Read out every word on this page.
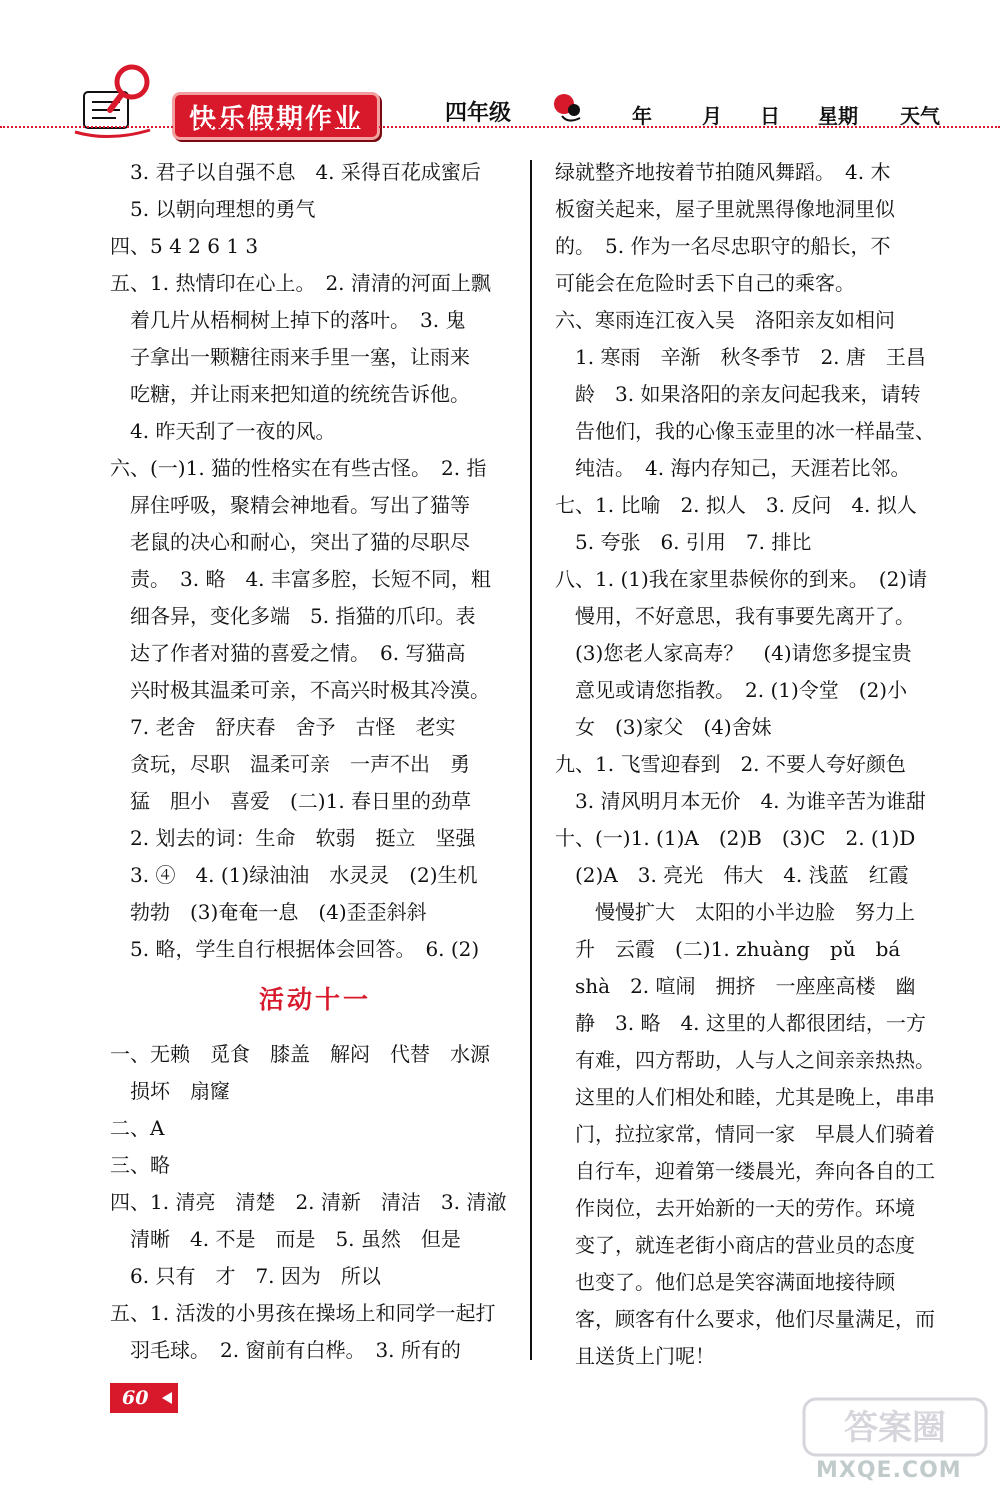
快乐假期作业	四年级	年	月 日 星期 天气
　3. 君子以自强不息　4. 采得百花成蜜后
　5. 以朝向理想的勇气
四、5 4 2 6 1 3
五、1. 热情印在心上。　2. 清清的河面上飘
　着几片从梧桐树上掉下的落叶。　3. 鬼
　子拿出一颗糖往雨来手里一塞，让雨来
　吃糖，并让雨来把知道的统统告诉他。
　4. 昨天刮了一夜的风。
六、(一)1. 猫的性格实在有些古怪。　2. 指
　屏住呼吸，聚精会神地看。写出了猫等
　老鼠的决心和耐心，突出了猫的尽职尽
　责。　3. 略　4. 丰富多腔，长短不同，粗
　细各异，变化多端　5. 指猫的爪印。表
　达了作者对猫的喜爱之情。　6. 写猫高
　兴时极其温柔可亲，不高兴时极其冷漠。
　7. 老舍　舒庆春　舍予　古怪　老实
　贪玩，尽职　温柔可亲　一声不出　勇
　猛　胆小　喜爱　(二)1. 春日里的劲草
　2. 划去的词：生命　软弱　挺立　坚强
　3. ④　4. (1)绿油油　水灵灵　(2)生机
　勃勃　(3)奄奄一息　(4)歪歪斜斜
　5. 略，学生自行根据体会回答。　6. (2)
活动十一
一、无赖　觅食　膝盖　解闷　代替　水源
　损坏　扇窿
二、A
三、略
四、1. 清亮　清楚　2. 清新　清洁　3. 清澈
　清晰　4. 不是　而是　5. 虽然　但是
　6. 只有　才　7. 因为　所以
五、1. 活泼的小男孩在操场上和同学一起打
　羽毛球。　2. 窗前有白桦。　3. 所有的
绿就整齐地按着节拍随风舞蹈。　4. 木
板窗关起来，屋子里就黑得像地洞里似
的。　5. 作为一名尽忠职守的船长，不
可能会在危险时丢下自己的乘客。
六、寒雨连江夜入吴　洛阳亲友如相问
　1. 寒雨　辛渐　秋冬季节　2. 唐　王昌
　龄　3. 如果洛阳的亲友问起我来，请转
　告他们，我的心像玉壶里的冰一样晶莹、
　纯洁。　4. 海内存知己，天涯若比邻。
七、1. 比喻　2. 拟人　3. 反问　4. 拟人
　5. 夸张　6. 引用　7. 排比
八、1. (1)我在家里恭候你的到来。　(2)请
　慢用，不好意思，我有事要先离开了。
　(3)您老人家高寿？　(4)请您多提宝贵
　意见或请您指教。　2. (1)令堂　(2)小
　女　(3)家父　(4)舍妹
九、1. 飞雪迎春到　2. 不要人夸好颜色
　3. 清风明月本无价　4. 为谁辛苦为谁甜
十、(一)1. (1)A　(2)B　(3)C　2. (1)D
　(2)A　3. 亮光　伟大　4. 浅蓝　红霞
　　慢慢扩大　太阳的小半边脸　努力上
　升　云霞　(二)1. zhuàng　pǔ　bá
　shà　2. 喧闹　拥挤　一座座高楼　幽
　静　3. 略　4. 这里的人都很团结，一方
　有难，四方帮助，人与人之间亲亲热热。
　这里的人们相处和睦，尤其是晚上，串串
　门，拉拉家常，情同一家　早晨人们骑着
　自行车，迎着第一缕晨光，奔向各自的工
　作岗位，去开始新的一天的劳作。环境
　变了，就连老街小商店的营业员的态度
　也变了。他们总是笑容满面地接待顾
　客，顾客有什么要求，他们尽量满足，而
　且送货上门呢！
60
答案圈
MXQE.COM
